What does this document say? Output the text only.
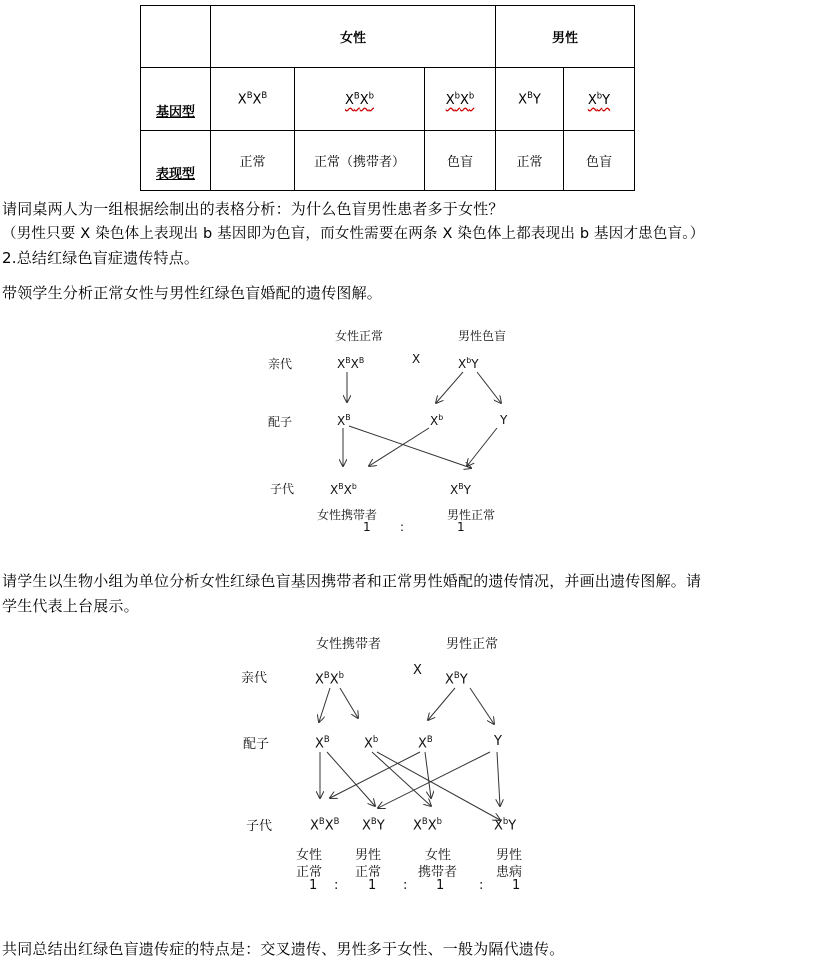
	女性			男性	
基因型	$X^BX^B$	$X^BX^b$	$X^bX^b$	$X^BY$	$X^bY$
表现型	正常	正常（携带者）	色盲	正常	色盲
请同桌两人为一组根据绘制出的表格分析：为什么色盲男性患者多于女性？
（男性只要 X 染色体上表现出 b 基因即为色盲，而女性需要在两条 X 染色体上都表现出 b 基因才患色盲。）
2.总结红绿色盲症遗传特点。
带领学生分析正常女性与男性红绿色盲婚配的遗传图解。
女性正常	男性色盲
亲代	$X^BX^B$	X	$X^bY$
配子	$X^B$	$X^b$	Y
子代	$X^BX^b$	$X^BY$
女性携带者	男性正常
1 :	1
请学生以生物小组为单位分析女性红绿色盲基因携带者和正常男性婚配的遗传情况，并画出遗传图解。请
学生代表上台展示。
女性携带者	男性正常
亲代	$X^BX^b$	X
$X^BY$
配子	$X^B$	$X^b$	$X^B$	Y
子代	$X^BX^B$ $X^BY$ $X^BX^b$	$X^bY$
女性	男性	女性	男性
正常	正常	携带者	患病
1 : 1 : 1	: 1
共同总结出红绿色盲遗传症的特点是：交叉遗传、男性多于女性、一般为隔代遗传。
